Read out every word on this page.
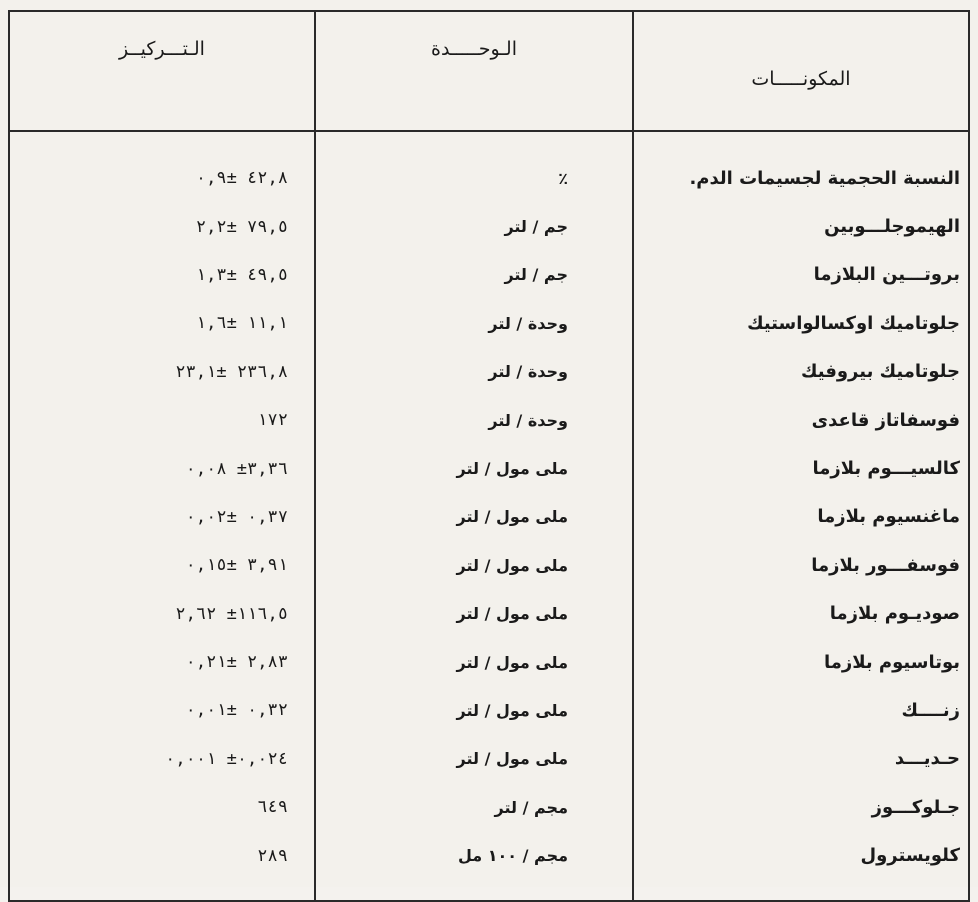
المكونـــــات	الـوحـــــدة	الـتـــركيــز

النسبة الحجمية لجسيمات الدم.	٪	٤٢,٨ ±٠,٩
الهيموجلـــوبين	جم / لتر	٧٩,٥ ±٢,٢
بروتـــين البلازما	جم / لتر	٤٩,٥ ±١,٣
جلوتاميك اوكسالواستيك	وحدة / لتر	١١,١ ±١,٦
جلوتاميك بيروفيك	وحدة / لتر	٢٣٦,٨ ±٢٣,١
فوسفاتاز قاعدى	وحدة / لتر	١٧٢
كالسيـــوم بلازما	ملى مول / لتر	٣,٣٦± ٠,٠٨
ماغنسيوم بلازما	ملى مول / لتر	٠,٣٧ ±٠,٠٢
فوسفـــور بلازما	ملى مول / لتر	٣,٩١ ±٠,١٥
صوديـوم بلازما	ملى مول / لتر	١١٦,٥± ٢,٦٢
بوتاسيوم بلازما	ملى مول / لتر	٢,٨٣ ±٠,٢١
زنــــك	ملى مول / لتر	٠,٣٢ ±٠,٠١
حـديـــد	ملى مول / لتر	٠,٠٢٤± ٠,٠٠١
جـلوكـــوز	مجم / لتر	٦٤٩
كلويسترول	مجم / ١٠٠ مل	٢٨٩
